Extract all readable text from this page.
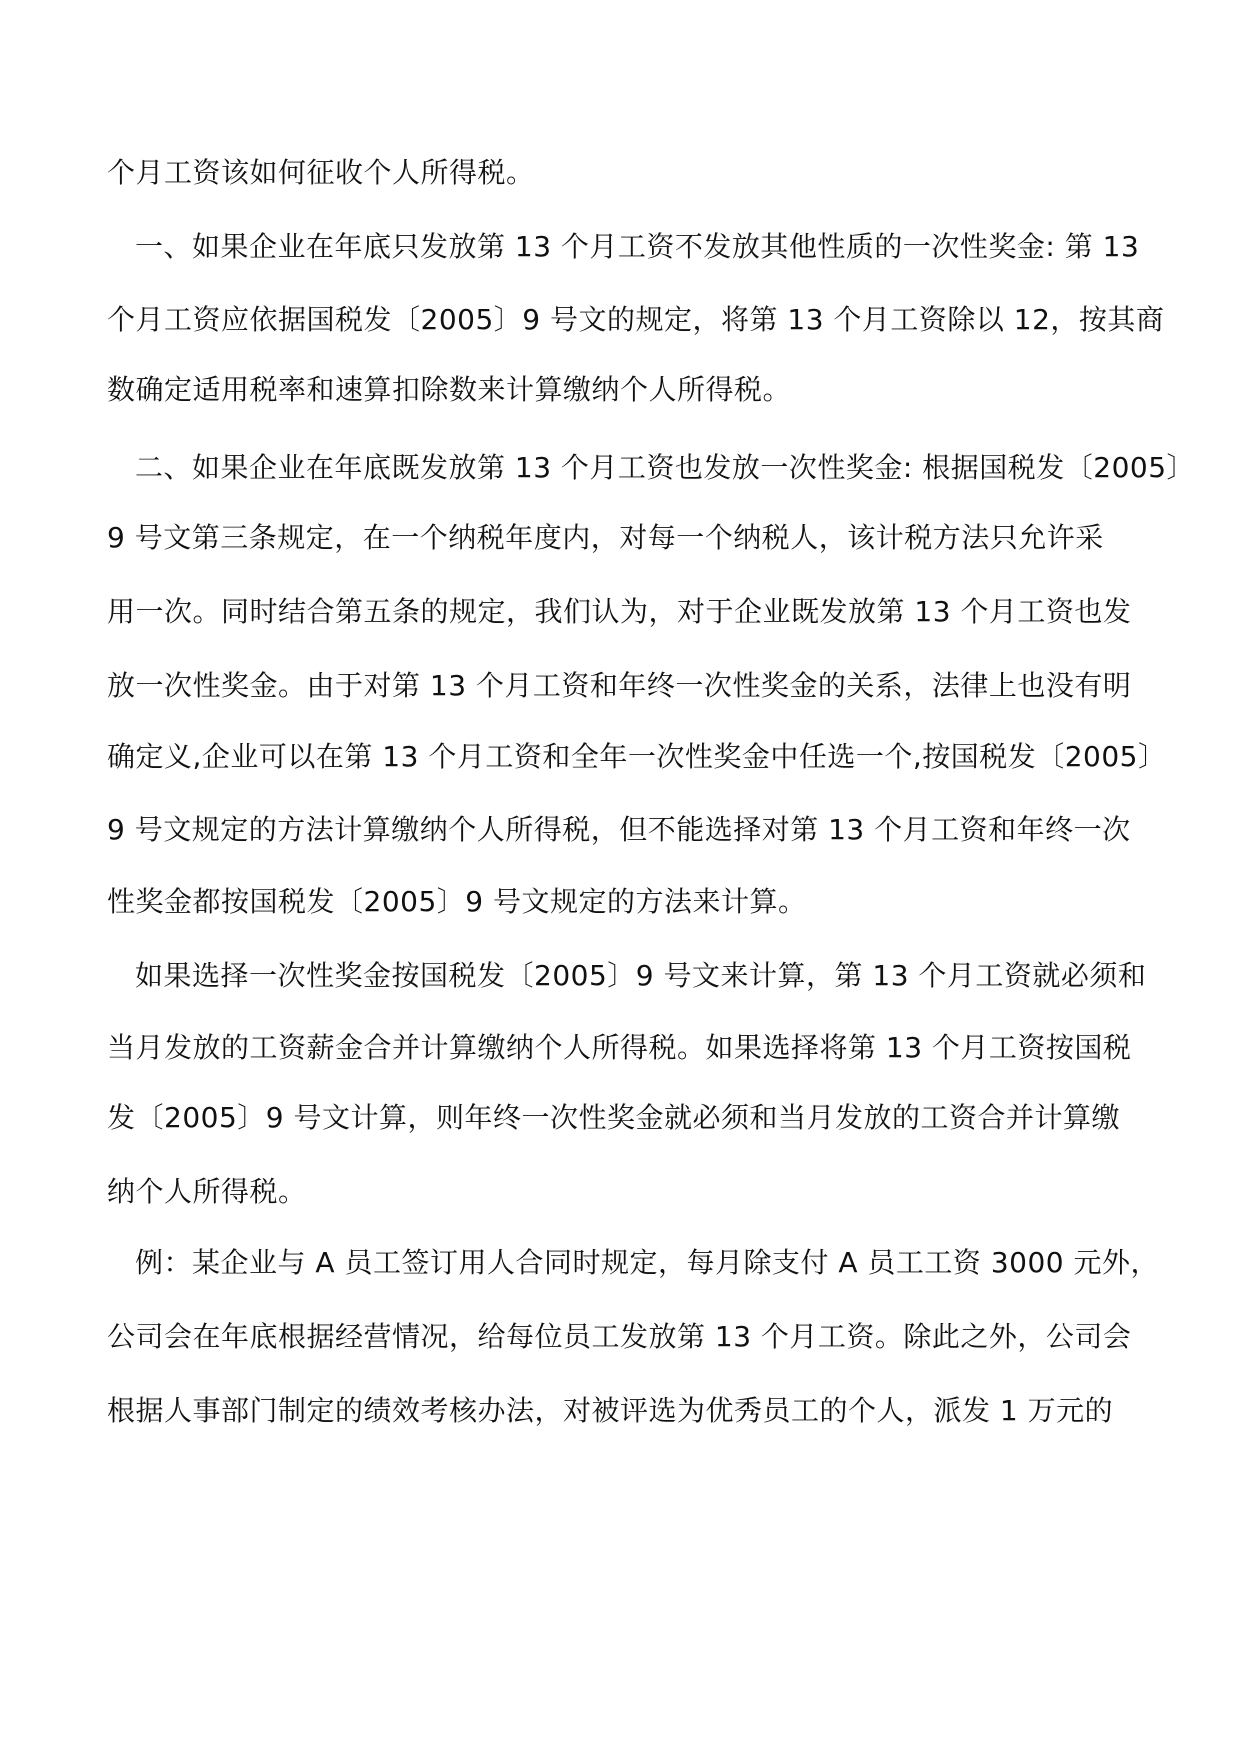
个月工资该如何征收个人所得税。
一、如果企业在年底只发放第 13 个月工资不发放其他性质的一次性奖金: 第 13
个月工资应依据国税发〔2005〕9 号文的规定，将第 13 个月工资除以 12，按其商
数确定适用税率和速算扣除数来计算缴纳个人所得税。
二、如果企业在年底既发放第 13 个月工资也发放一次性奖金: 根据国税发〔2005〕
9 号文第三条规定，在一个纳税年度内，对每一个纳税人，该计税方法只允许采
用一次。同时结合第五条的规定，我们认为，对于企业既发放第 13 个月工资也发
放一次性奖金。由于对第 13 个月工资和年终一次性奖金的关系，法律上也没有明
确定义,企业可以在第 13 个月工资和全年一次性奖金中任选一个,按国税发〔2005〕
9 号文规定的方法计算缴纳个人所得税，但不能选择对第 13 个月工资和年终一次
性奖金都按国税发〔2005〕9 号文规定的方法来计算。
如果选择一次性奖金按国税发〔2005〕9 号文来计算，第 13 个月工资就必须和
当月发放的工资薪金合并计算缴纳个人所得税。如果选择将第 13 个月工资按国税
发〔2005〕9 号文计算，则年终一次性奖金就必须和当月发放的工资合并计算缴
纳个人所得税。
例：某企业与 A 员工签订用人合同时规定，每月除支付 A 员工工资 3000 元外，
公司会在年底根据经营情况，给每位员工发放第 13 个月工资。除此之外，公司会
根据人事部门制定的绩效考核办法，对被评选为优秀员工的个人，派发 1 万元的
